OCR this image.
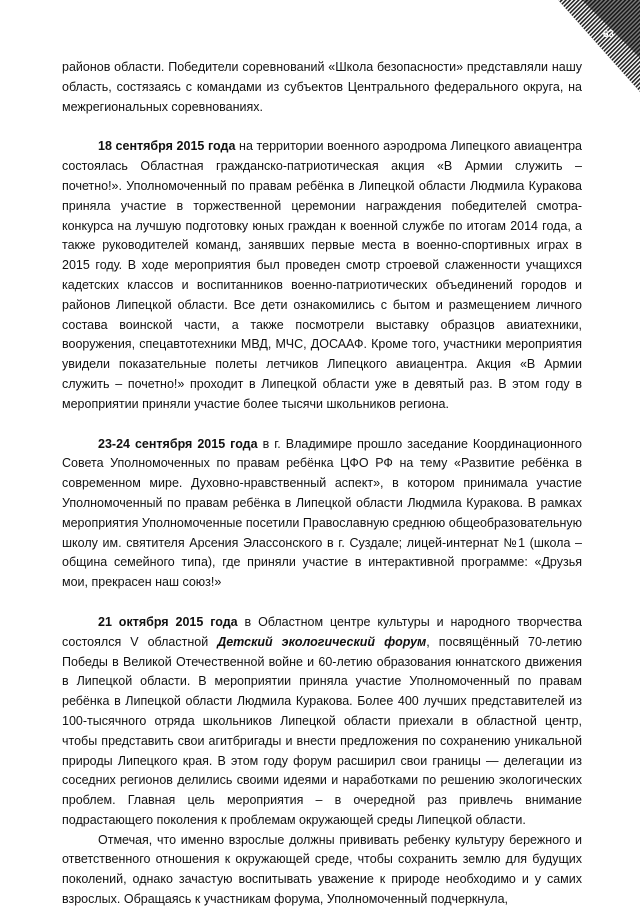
63

районов области. Победители соревнований «Школа безопасности» представляли нашу область, состязаясь с командами из субъектов Центрального федерального округа, на межрегиональных соревнованиях.

18 сентября 2015 года на территории военного аэродрома Липецкого авиацентра состоялась Областная гражданско-патриотическая акция «В Армии служить – почетно!». Уполномоченный по правам ребёнка в Липецкой области Людмила Куракова приняла участие в торжественной церемонии награждения победителей смотра-конкурса на лучшую подготовку юных граждан к военной службе по итогам 2014 года, а также руководителей команд, занявших первые места в военно-спортивных играх в 2015 году. В ходе мероприятия был проведен смотр строевой слаженности учащихся кадетских классов и воспитанников военно-патриотических объединений городов и районов Липецкой области. Все дети ознакомились с бытом и размещением личного состава воинской части, а также посмотрели выставку образцов авиатехники, вооружения, спецавтотехники МВД, МЧС, ДОСААФ. Кроме того, участники мероприятия увидели показательные полеты летчиков Липецкого авиацентра. Акция «В Армии служить – почетно!» проходит в Липецкой области уже в девятый раз. В этом году в мероприятии приняли участие более тысячи школьников региона.

23-24 сентября 2015 года в г. Владимире прошло заседание Координационного Совета Уполномоченных по правам ребёнка ЦФО РФ на тему «Развитие ребёнка в современном мире. Духовно-нравственный аспект», в котором принимала участие Уполномоченный по правам ребёнка в Липецкой области Людмила Куракова. В рамках мероприятия Уполномоченные посетили Православную среднюю общеобразовательную школу им. святителя Арсения Элассонского в г. Суздале; лицей-интернат №1 (школа – община семейного типа), где приняли участие в интерактивной программе: «Друзья мои, прекрасен наш союз!»

21 октября 2015 года в Областном центре культуры и народного творчества состоялся V областной Детский экологический форум, посвящённый 70-летию Победы в Великой Отечественной войне и 60-летию образования юннатского движения в Липецкой области. В мероприятии приняла участие Уполномоченный по правам ребёнка в Липецкой области Людмила Куракова. Более 400 лучших представителей из 100-тысячного отряда школьников Липецкой области приехали в областной центр, чтобы представить свои агитбригады и внести предложения по сохранению уникальной природы Липецкого края. В этом году форум расширил свои границы — делегации из соседних регионов делились своими идеями и наработками по решению экологических проблем. Главная цель мероприятия – в очередной раз привлечь внимание подрастающего поколения к проблемам окружающей среды Липецкой области.

Отмечая, что именно взрослые должны прививать ребенку культуру бережного и ответственного отношения к окружающей среде, чтобы сохранить землю для будущих поколений, однако зачастую воспитывать уважение к природе необходимо и у самих взрослых. Обращаясь к участникам форума, Уполномоченный подчеркнула,
